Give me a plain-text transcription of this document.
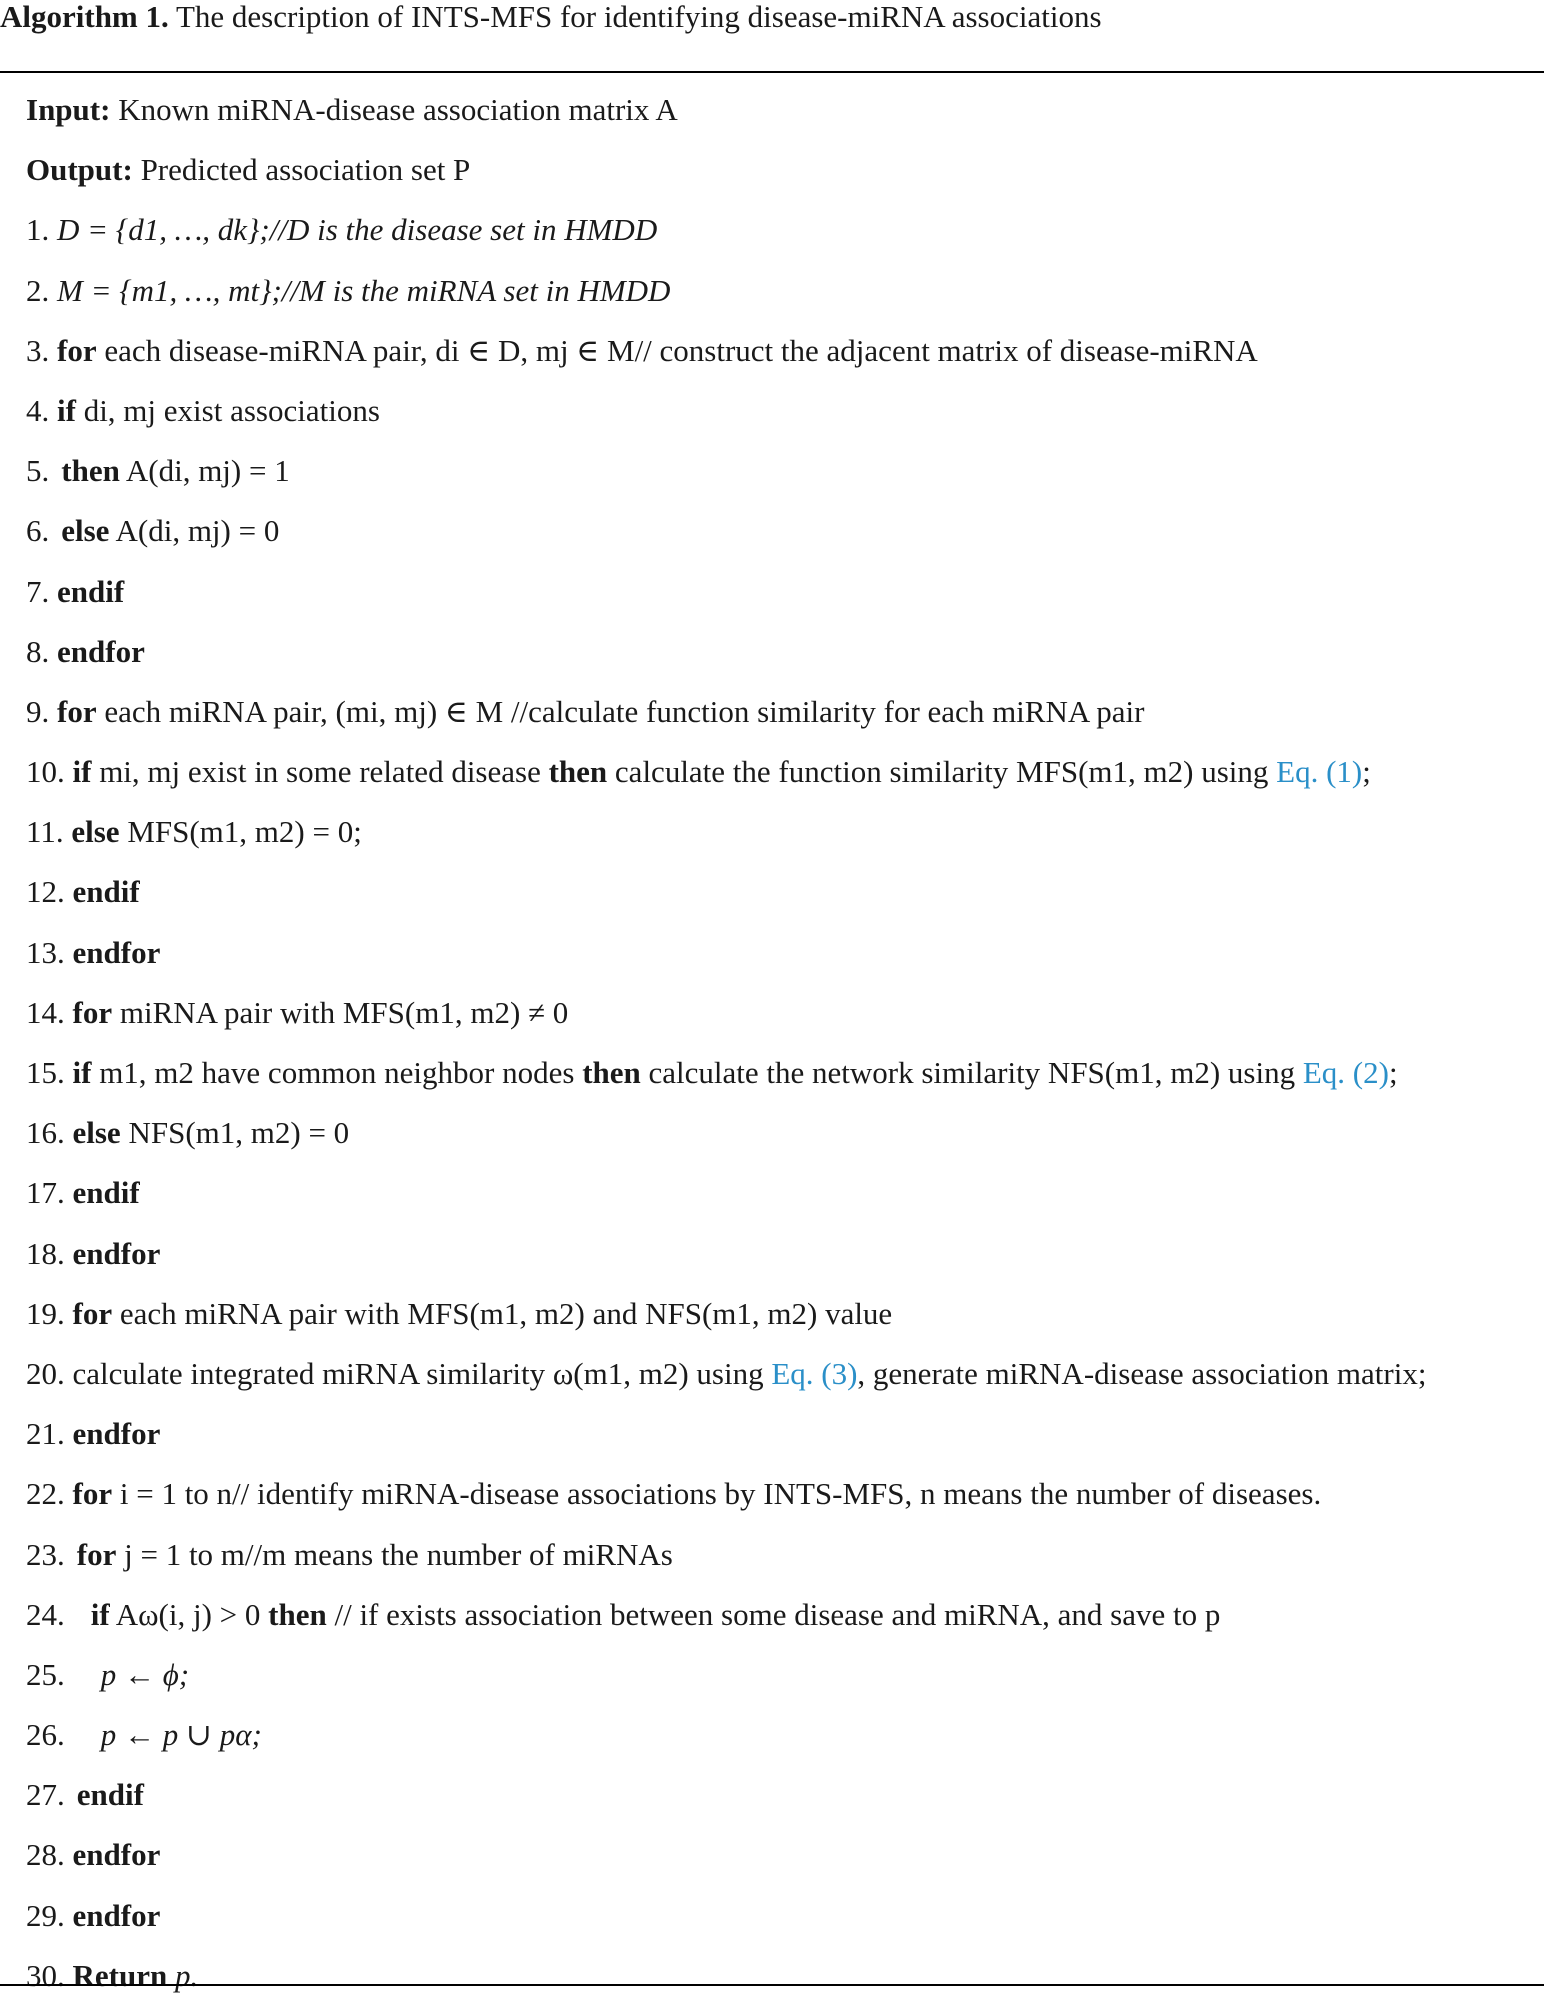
Algorithm 1. The description of INTS-MFS for identifying disease-miRNA associations
Input: Known miRNA-disease association matrix A
Output: Predicted association set P
1. D = {d1, …, dk};//D is the disease set in HMDD
2. M = {m1, …, mt};//M is the miRNA set in HMDD
3. for each disease-miRNA pair, di ∈ D, mj ∈ M// construct the adjacent matrix of disease-miRNA
4. if di, mj exist associations
5. then A(di, mj) = 1
6. else A(di, mj) = 0
7. endif
8. endfor
9. for each miRNA pair, (mi, mj) ∈ M //calculate function similarity for each miRNA pair
10. if mi, mj exist in some related disease then calculate the function similarity MFS(m1, m2) using Eq. (1);
11. else MFS(m1, m2) = 0;
12. endif
13. endfor
14. for miRNA pair with MFS(m1, m2) ≠ 0
15. if m1, m2 have common neighbor nodes then calculate the network similarity NFS(m1, m2) using Eq. (2);
16. else NFS(m1, m2) = 0
17. endif
18. endfor
19. for each miRNA pair with MFS(m1, m2) and NFS(m1, m2) value
20. calculate integrated miRNA similarity ω(m1, m2) using Eq. (3), generate miRNA-disease association matrix;
21. endfor
22. for i = 1 to n// identify miRNA-disease associations by INTS-MFS, n means the number of diseases.
23. for j = 1 to m//m means the number of miRNAs
24. if Aω(i, j) > 0 then // if exists association between some disease and miRNA, and save to p
25. p ← ϕ;
26. p ← p ∪ pα;
27. endif
28. endfor
29. endfor
30. Return p.
